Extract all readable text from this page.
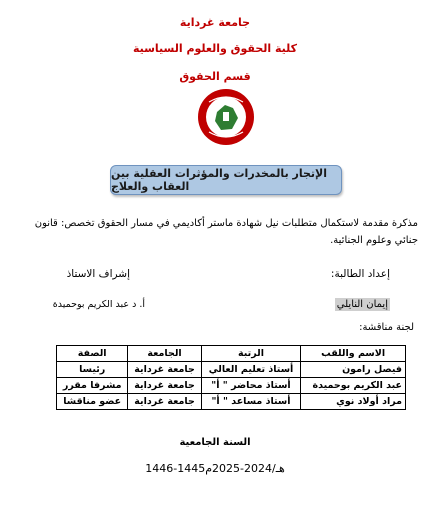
جامعة غرداية
كلية الحقوق والعلوم السياسية
قسم الحقوق
الإتجار بالمخدرات والمؤثرات العقلية بين العقاب والعلاج
مذكرة مقدمة لاستكمال متطلبات نيل شهادة ماستر أكاديمي في مسار الحقوق تخصص: قانون جنائي وعلوم الجنائية.
إعداد الطالبة:
إشراف الاستاذ
إيمان النايلي
أ. د عبد الكريم بوحميدة
لجنة مناقشة:
الاسم واللقب	الرتبة	الجامعة	الصفة
فيصل رامون	أستاذ تعليم العالي	جامعة غرداية	رئيسا
عبد الكريم بوحميدة	أستاذ محاضر " أ"	جامعة غرداية	مشرفا مقرر
مراد أولاد نوي	أستاذ مساعد " أ"	جامعة غرداية	عضو مناقشا
السنة الجامعية
1446-1445هـ/2024-2025م
